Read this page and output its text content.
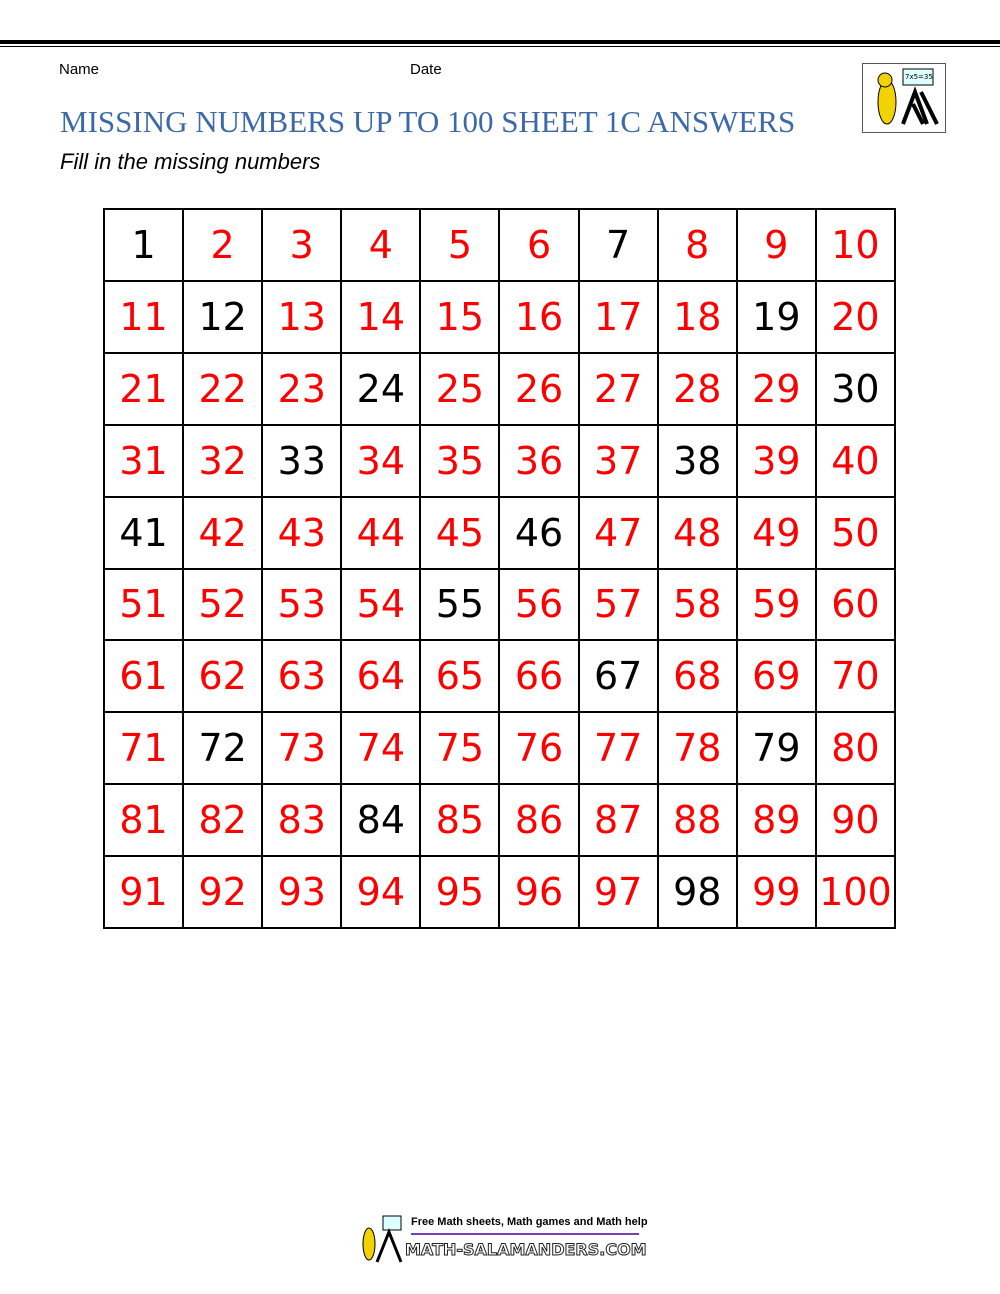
Name	Date
MISSING NUMBERS UP TO 100 SHEET 1C ANSWERS
Fill in the missing numbers
7x5=35
1	2	3	4	5	6	7	8	9	10
11 12 13 14 15 16 17 18 19 20
21 22 23 24 25 26 27 28 29 30
31 32 33 34 35 36 37 38 39 40
41 42 43 44 45 46 47 48 49 50
51 52 53 54 55 56 57 58 59 60
61 62 63 64 65 66 67 68 69 70
71 72 73 74 75 76 77 78 79 80
81 82 83 84 85 86 87 88 89 90
91 92 93 94 95 96 97 98 99 100
Free Math sheets, Math games and Math help
MATH-SALAMANDERS.COM
